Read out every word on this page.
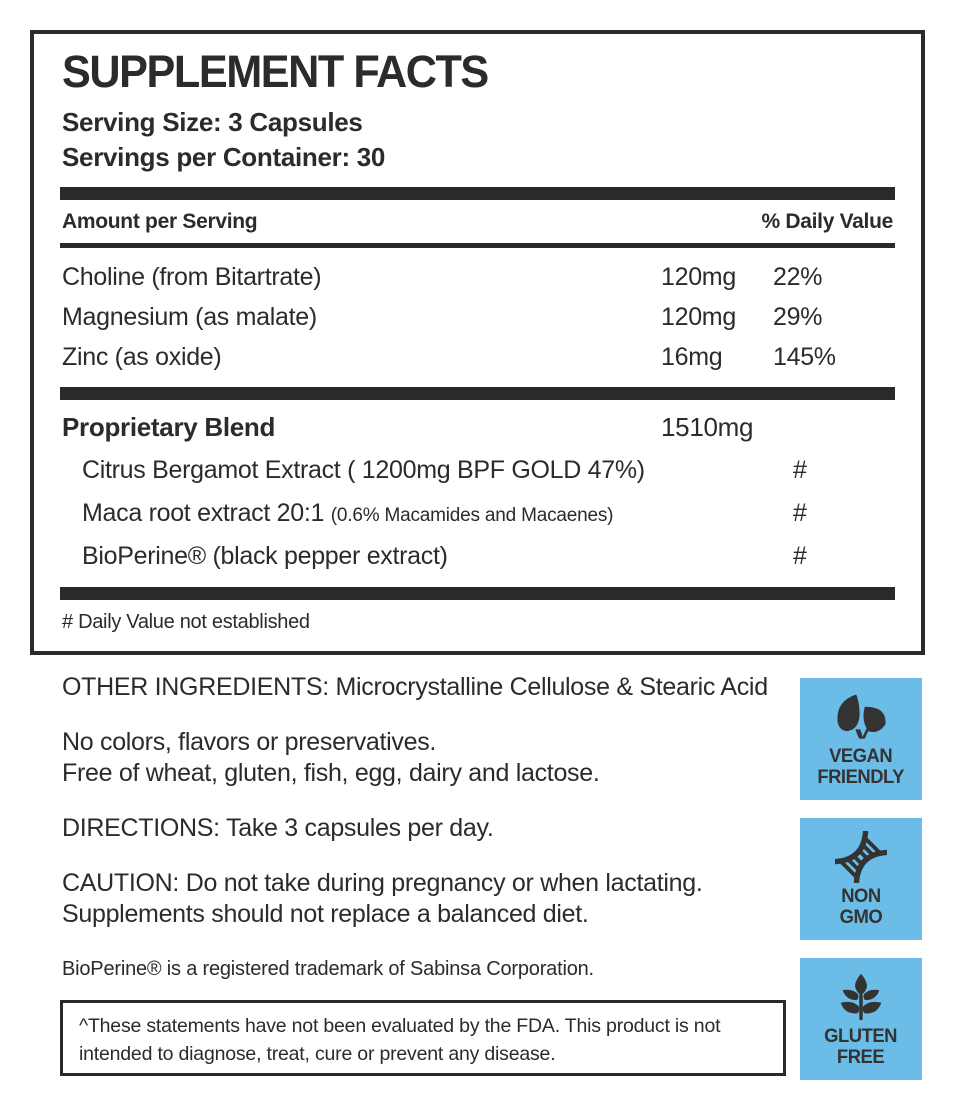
SUPPLEMENT FACTS
Serving Size: 3 Capsules
Servings per Container: 30
Amount per Serving	% Daily Value
Choline (from Bitartrate)	120mg	22%
Magnesium (as malate)	120mg	29%
Zinc (as oxide)	16mg	145%
Proprietary Blend	1510mg
Citrus Bergamot Extract ( 1200mg BPF GOLD 47%)	#
Maca root extract 20:1 (0.6% Macamides and Macaenes)	#
BioPerine® (black pepper extract)	#
# Daily Value not established
OTHER INGREDIENTS: Microcrystalline Cellulose & Stearic Acid
No colors, flavors or preservatives.
Free of wheat, gluten, fish, egg, dairy and lactose.
DIRECTIONS: Take 3 capsules per day.
CAUTION: Do not take during pregnancy or when lactating.
Supplements should not replace a balanced diet.
BioPerine® is a registered trademark of Sabinsa Corporation.
^These statements have not been evaluated by the FDA. This product is not
intended to diagnose, treat, cure or prevent any disease.
VEGAN
FRIENDLY
NON
GMO
GLUTEN
FREE
